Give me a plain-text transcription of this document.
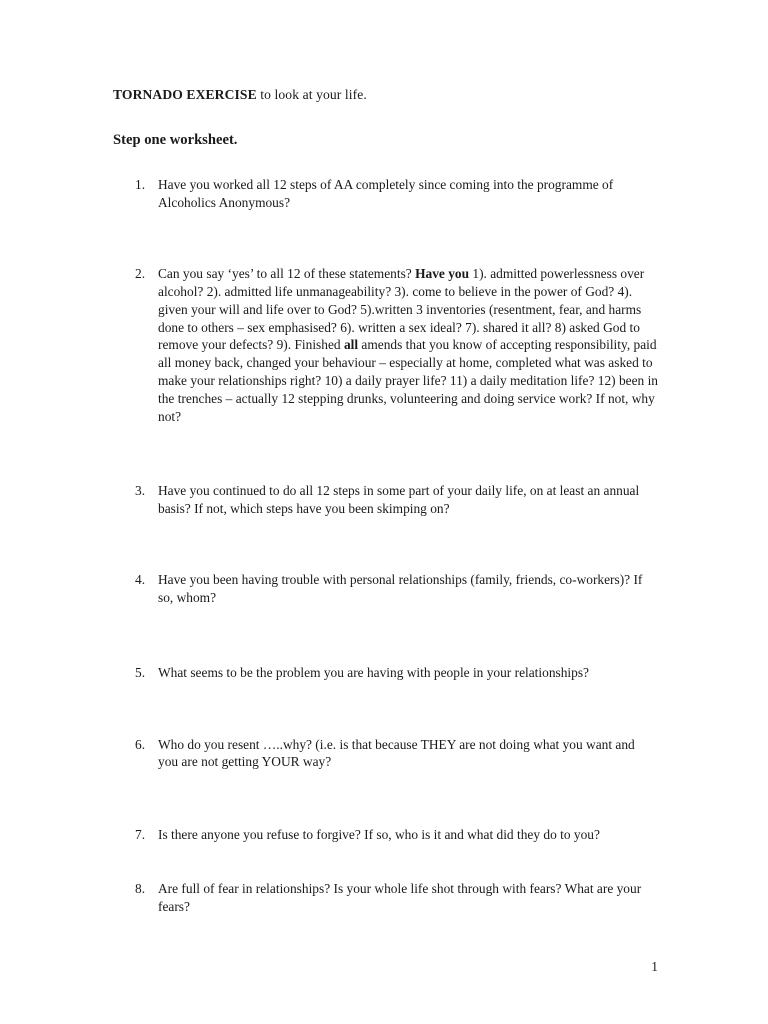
TORNADO EXERCISE to look at your life.

Step one worksheet.

1. Have you worked all 12 steps of AA completely since coming into the programme of Alcoholics Anonymous?
2. Can you say ‘yes’ to all 12 of these statements? Have you 1). admitted powerlessness over alcohol? 2). admitted life unmanageability? 3). come to believe in the power of God? 4). given your will and life over to God? 5).written 3 inventories (resentment, fear, and harms done to others – sex emphasised? 6). written a sex ideal? 7). shared it all? 8) asked God to remove your defects? 9). Finished all amends that you know of accepting responsibility, paid all money back, changed your behaviour – especially at home, completed what was asked to make your relationships right? 10) a daily prayer life? 11) a daily meditation life? 12) been in the trenches – actually 12 stepping drunks, volunteering and doing service work? If not, why not?
3. Have you continued to do all 12 steps in some part of your daily life, on at least an annual basis? If not, which steps have you been skimping on?
4. Have you been having trouble with personal relationships (family, friends, co-workers)? If so, whom?
5. What seems to be the problem you are having with people in your relationships?
6. Who do you resent …..why? (i.e. is that because THEY are not doing what you want and you are not getting YOUR way?
7. Is there anyone you refuse to forgive? If so, who is it and what did they do to you?
8. Are full of fear in relationships? Is your whole life shot through with fears? What are your fears?
1
